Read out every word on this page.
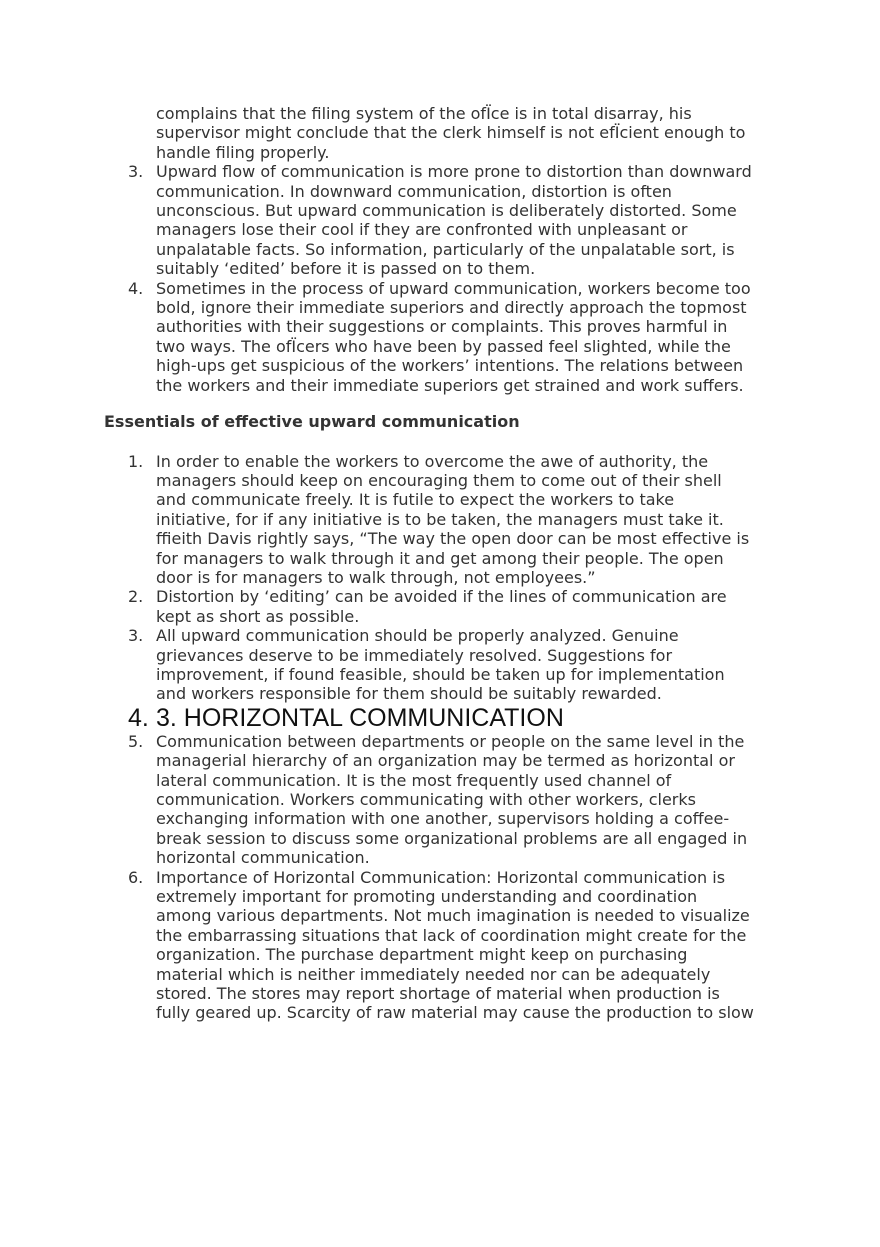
complains that the filing system of the ofÏce is in total disarray, his
supervisor might conclude that the clerk himself is not efÏcient enough to
handle filing properly.
3. Upward flow of communication is more prone to distortion than downward
communication. In downward communication, distortion is often
unconscious. But upward communication is deliberately distorted. Some
managers lose their cool if they are confronted with unpleasant or
unpalatable facts. So information, particularly of the unpalatable sort, is
suitably ‘edited’ before it is passed on to them.
4. Sometimes in the process of upward communication, workers become too
bold, ignore their immediate superiors and directly approach the topmost
authorities with their suggestions or complaints. This proves harmful in
two ways. The ofÏcers who have been by passed feel slighted, while the
high-ups get suspicious of the workers’ intentions. The relations between
the workers and their immediate superiors get strained and work suffers.
Essentials of effective upward communication
1. In order to enable the workers to overcome the awe of authority, the
managers should keep on encouraging them to come out of their shell
and communicate freely. It is futile to expect the workers to take
initiative, for if any initiative is to be taken, the managers must take it.
ﬃeith Davis rightly says, “The way the open door can be most effective is
for managers to walk through it and get among their people. The open
door is for managers to walk through, not employees.”
2. Distortion by ‘editing’ can be avoided if the lines of communication are
kept as short as possible.
3. All upward communication should be properly analyzed. Genuine
grievances deserve to be immediately resolved. Suggestions for
improvement, if found feasible, should be taken up for implementation
and workers responsible for them should be suitably rewarded.
4. 3. HORIZONTAL COMMUNICATION
5. Communication between departments or people on the same level in the
managerial hierarchy of an organization may be termed as horizontal or
lateral communication. It is the most frequently used channel of
communication. Workers communicating with other workers, clerks
exchanging information with one another, supervisors holding a coffee-
break session to discuss some organizational problems are all engaged in
horizontal communication.
6. Importance of Horizontal Communication: Horizontal communication is
extremely important for promoting understanding and coordination
among various departments. Not much imagination is needed to visualize
the embarrassing situations that lack of coordination might create for the
organization. The purchase department might keep on purchasing
material which is neither immediately needed nor can be adequately
stored. The stores may report shortage of material when production is
fully geared up. Scarcity of raw material may cause the production to slow
